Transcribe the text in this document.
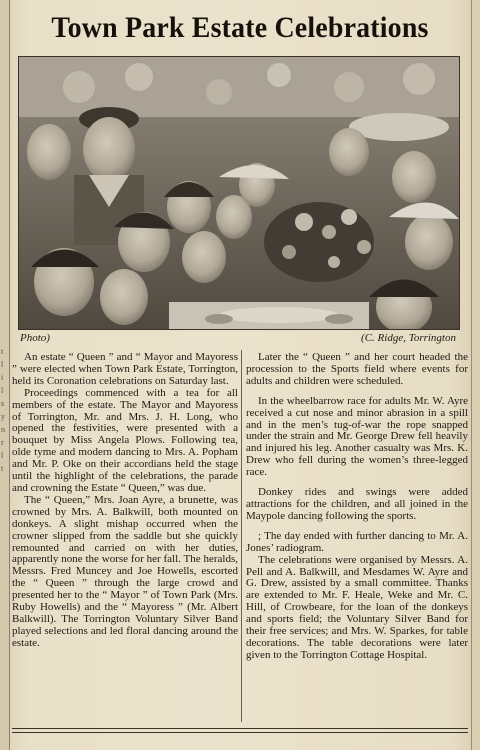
t
l
i
l
s
y
n
r
l
t
Town Park Estate Celebrations
Photo)	(C. Ridge, Torrington

An estate “ Queen ” and “ Mayor and Mayoress ” were elected when Town Park Estate, Torrington, held its Coronation celebrations on Saturday last.

Proceedings commenced with a tea for all members of the estate. The Mayor and Mayoress of Torrington, Mr. and Mrs. J. H. Long, who opened the festivities, were presented with a bouquet by Miss Angela Plows. Following tea, olde tyme and modern dancing to Mrs. A. Popham and Mr. P. Oke on their accordians held the stage until the highlight of the celebrations, the parade and crowning the Estate “ Queen,” was due.

The “ Queen,” Mrs. Joan Ayre, a brunette, was crowned by Mrs. A. Balkwill, both mounted on donkeys. A slight mishap occurred when the crowner slipped from the saddle but she quickly remounted and carried on with her duties, apparently none the worse for her fall. The heralds, Messrs. Fred Muncey and Joe Howells, escorted the “ Queen ” through the large crowd and presented her to the “ Mayor ” of Town Park (Mrs. Ruby Howells) and the “ Mayoress ” (Mr. Albert Balkwill). The Torrington Voluntary Silver Band played selections and led floral dancing around the estate.

Later the “ Queen ” and her court headed the procession to the Sports field where events for adults and children were scheduled.

In the wheelbarrow race for adults Mr. W. Ayre received a cut nose and minor abrasion in a spill and in the men’s tug-of-war the rope snapped under the strain and Mr. George Drew fell heavily and injured his leg. Another casualty was Mrs. K. Drew who fell during the women’s three-legged race.

Donkey rides and swings were added attractions for the children, and all joined in the Maypole dancing following the sports.

; The day ended with further dancing to Mr. A. Jones’ radiogram.

The celebrations were organised by Messrs. A. Pell and A. Balkwill, and Mesdames W. Ayre and G. Drew, assisted by a small committee. Thanks are extended to Mr. F. Heale, Weke and Mr. C. Hill, of Crowbeare, for the loan of the donkeys and sports field; the Voluntary Silver Band for their free services; and Mrs. W. Sparkes, for table decorations. The table decorations were later given to the Torrington Cottage Hospital.
